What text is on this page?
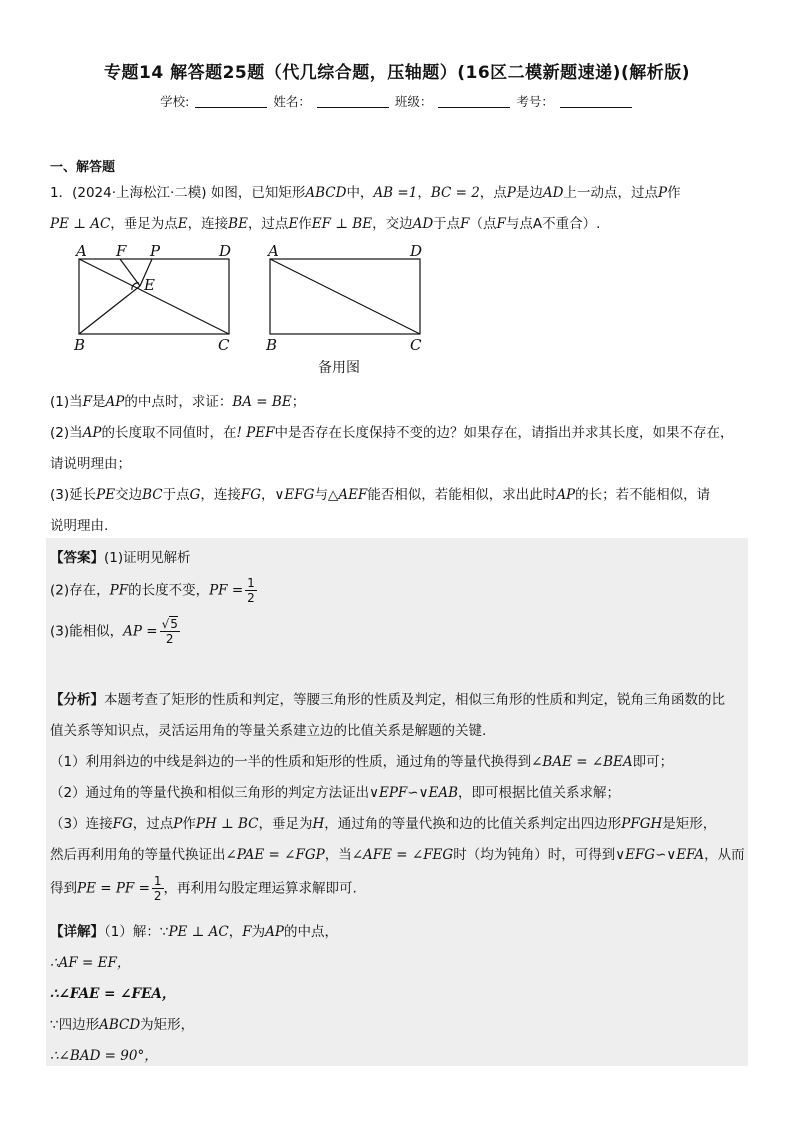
专题14 解答题25题（代几综合题，压轴题）(16区二模新题速递)(解析版)
学校:	姓名：	班级：	考号：
一、解答题
1．(2024·上海松江·二模) 如图，已知矩形ABCD中，AB =1，BC = 2，点P是边AD上一动点，过点P作
PE ⊥ AC，垂足为点E，连接BE，过点E作EF ⊥ BE，交边AD于点F（点F与点A不重合）.
A F P	D
E
B	C
A	D
B	C
备用图
(1)当F是AP的中点时，求证：BA = BE；
(2)当AP的长度取不同值时，在! PEF中是否存在长度保持不变的边？如果存在，请指出并求其长度，如果不存在，
请说明理由；
(3)延长PE交边BC于点G，连接FG，∨EFG与△AEF能否相似，若能相似，求出此时AP的长；若不能相似，请
说明理由.
【答案】(1)证明见解析
(2)存在，PF的长度不变，PF = $\frac{1}{2}$
(3)能相似，AP = $\frac{√5}{2}$
【分析】本题考查了矩形的性质和判定，等腰三角形的性质及判定，相似三角形的性质和判定，锐角三角函数的比
值关系等知识点，灵活运用角的等量关系建立边的比值关系是解题的关键.
（1）利用斜边的中线是斜边的一半的性质和矩形的性质，通过角的等量代换得到∠BAE = ∠BEA即可；
（2）通过角的等量代换和相似三角形的判定方法证出∨EPF∽∨EAB，即可根据比值关系求解；
（3）连接FG，过点P作PH ⊥ BC，垂足为H，通过角的等量代换和边的比值关系判定出四边形PFGH是矩形，
然后再利用角的等量代换证出∠PAE = ∠FGP，当∠AFE = ∠FEG时（均为钝角）时，可得到∨EFG∽∨EFA，从而
得到PE = PF = $\frac{1}{2}$ ，再利用勾股定理运算求解即可.
【详解】（1）解：∵PE ⊥ AC，F为AP的中点，
∴AF = EF，
∴∠FAE = ∠FEA，
∵四边形ABCD为矩形，
∴∠BAD = 90°，
